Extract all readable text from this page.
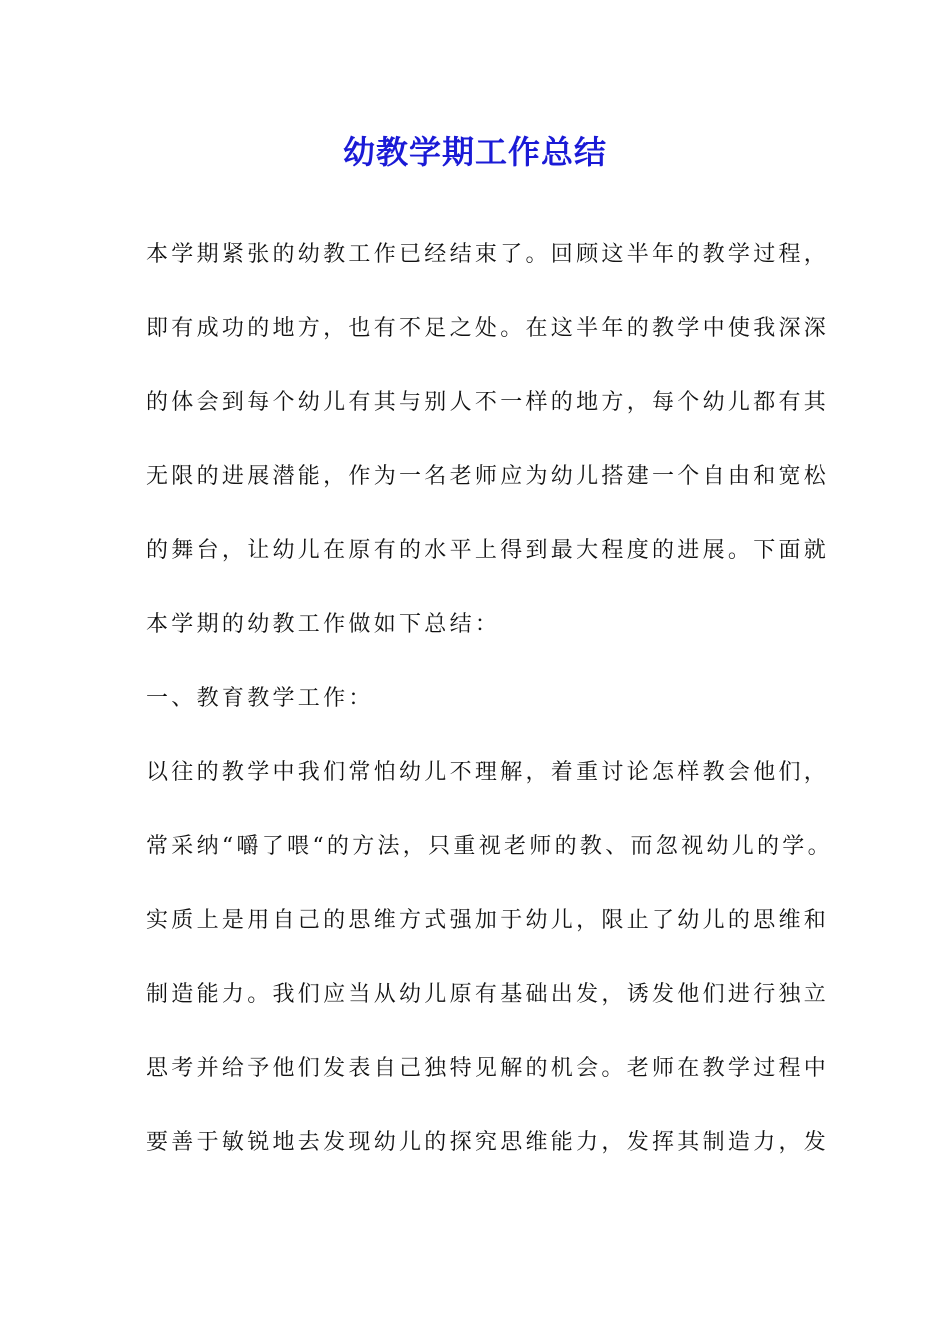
幼教学期工作总结
本学期紧张的幼教工作已经结束了。回顾这半年的教学过程，
即有成功的地方，也有不足之处。在这半年的教学中使我深深
的体会到每个幼儿有其与别人不一样的地方，每个幼儿都有其
无限的进展潜能，作为一名老师应为幼儿搭建一个自由和宽松
的舞台，让幼儿在原有的水平上得到最大程度的进展。下面就
本学期的幼教工作做如下总结：
一、教育教学工作：
以往的教学中我们常怕幼儿不理解，着重讨论怎样教会他们，
常采纳“嚼了喂“的方法，只重视老师的教、而忽视幼儿的学。
实质上是用自己的思维方式强加于幼儿，限止了幼儿的思维和
制造能力。我们应当从幼儿原有基础出发，诱发他们进行独立
思考并给予他们发表自己独特见解的机会。老师在教学过程中
要善于敏锐地去发现幼儿的探究思维能力，发挥其制造力，发
